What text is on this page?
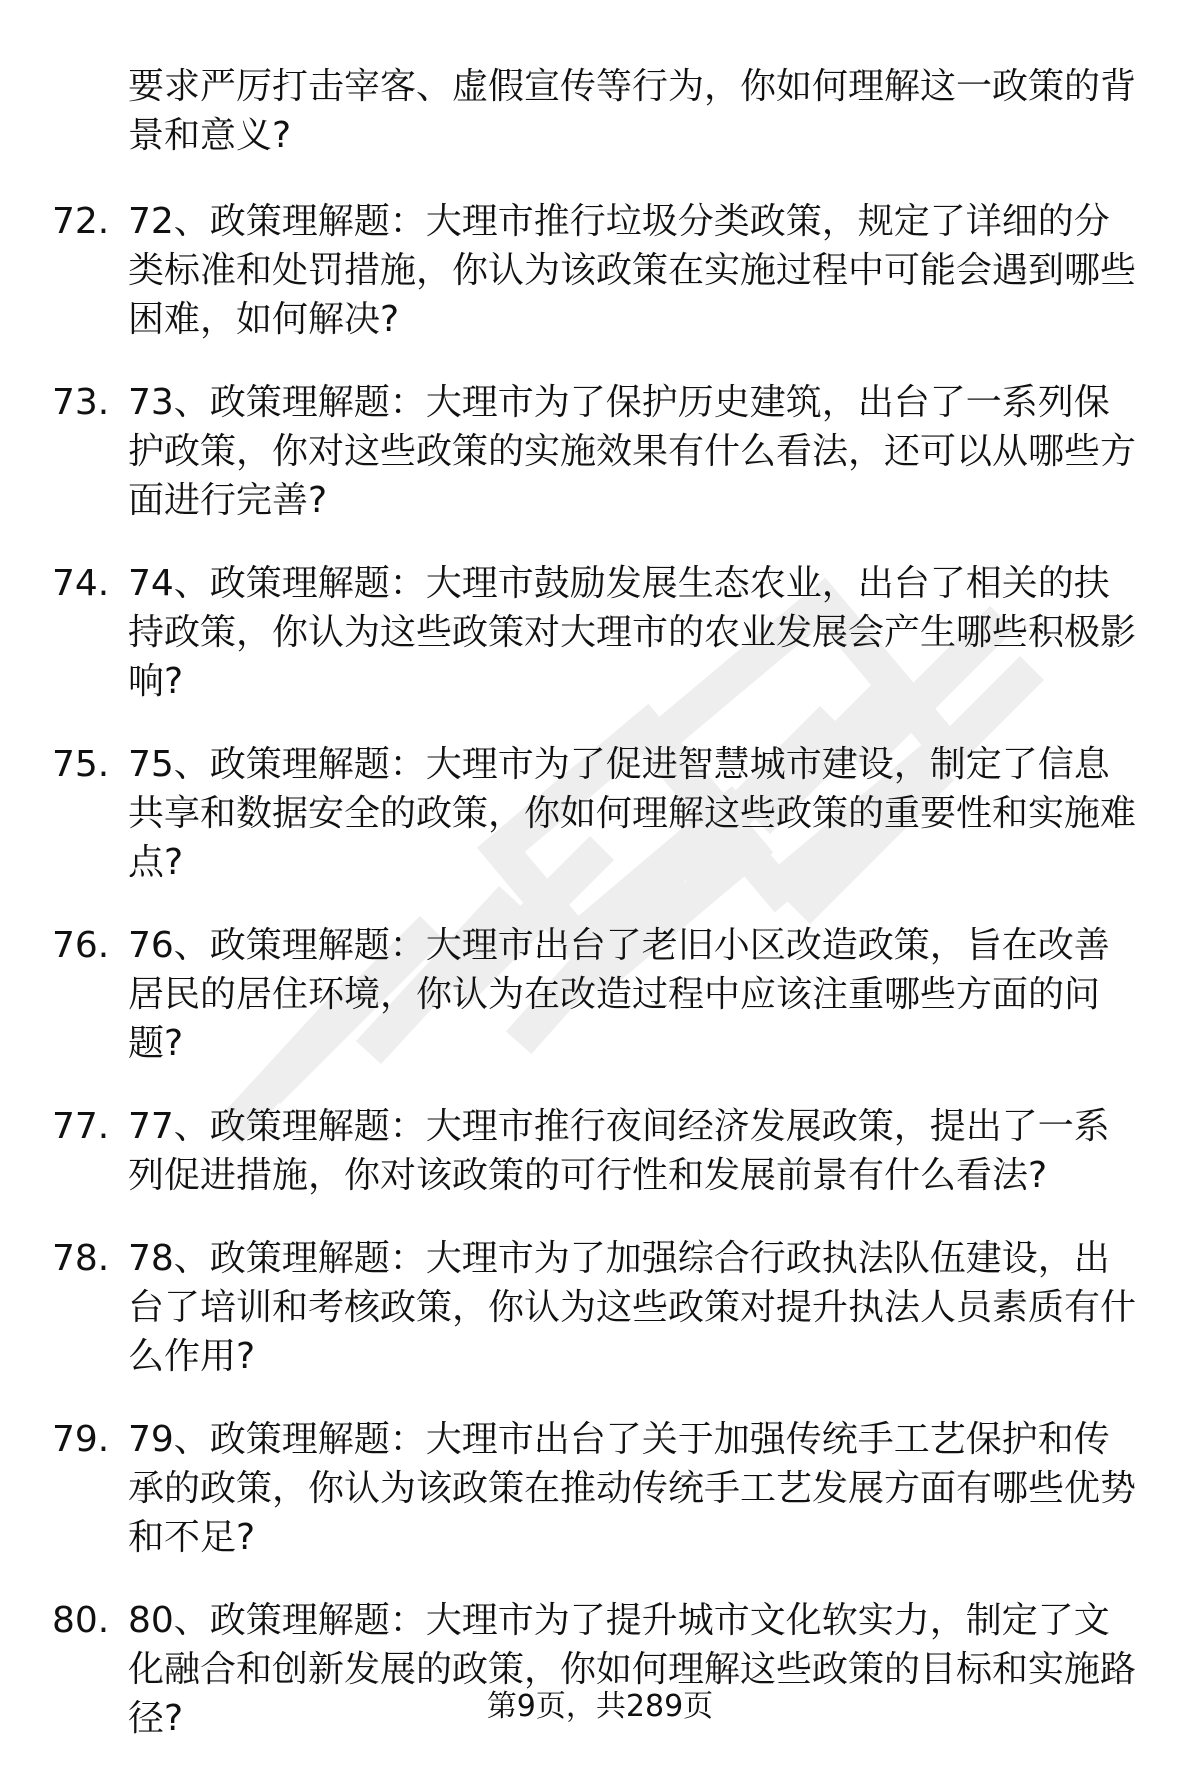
要求严厉打击宰客、虚假宣传等行为，你如何理解这一政策的背景和意义?
72. 72、政策理解题：大理市推行垃圾分类政策，规定了详细的分类标准和处罚措施，你认为该政策在实施过程中可能会遇到哪些困难，如何解决?
73. 73、政策理解题：大理市为了保护历史建筑，出台了一系列保护政策，你对这些政策的实施效果有什么看法，还可以从哪些方面进行完善?
74. 74、政策理解题：大理市鼓励发展生态农业，出台了相关的扶持政策，你认为这些政策对大理市的农业发展会产生哪些积极影响?
75. 75、政策理解题：大理市为了促进智慧城市建设，制定了信息共享和数据安全的政策，你如何理解这些政策的重要性和实施难点?
76. 76、政策理解题：大理市出台了老旧小区改造政策，旨在改善居民的居住环境，你认为在改造过程中应该注重哪些方面的问题?
77. 77、政策理解题：大理市推行夜间经济发展政策，提出了一系列促进措施，你对该政策的可行性和发展前景有什么看法?
78. 78、政策理解题：大理市为了加强综合行政执法队伍建设，出台了培训和考核政策，你认为这些政策对提升执法人员素质有什么作用?
79. 79、政策理解题：大理市出台了关于加强传统手工艺保护和传承的政策，你认为该政策在推动传统手工艺发展方面有哪些优势和不足?
80. 80、政策理解题：大理市为了提升城市文化软实力，制定了文化融合和创新发展的政策，你如何理解这些政策的目标和实施路径?	第9页，共289页
